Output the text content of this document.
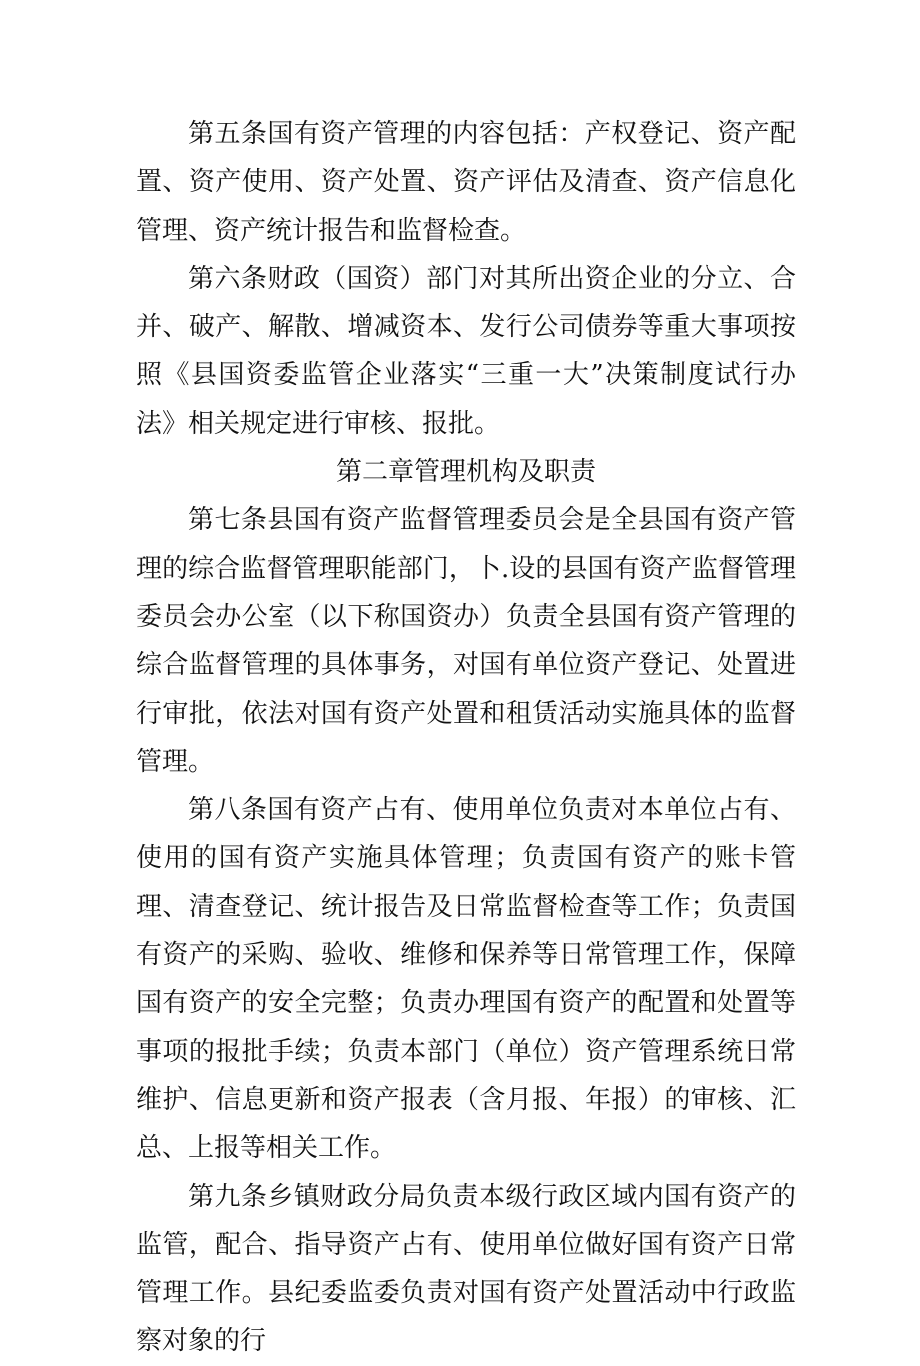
第五条国有资产管理的内容包括：产权登记、资产配置、资产使用、资产处置、资产评估及清查、资产信息化管理、资产统计报告和监督检查。

第六条财政（国资）部门对其所出资企业的分立、合并、破产、解散、增减资本、发行公司债券等重大事项按照《县国资委监管企业落实“三重一大”决策制度试行办法》相关规定进行审核、报批。

第二章管理机构及职责

第七条县国有资产监督管理委员会是全县国有资产管理的综合监督管理职能部门，卜.设的县国有资产监督管理委员会办公室（以下称国资办）负责全县国有资产管理的综合监督管理的具体事务，对国有单位资产登记、处置进行审批，依法对国有资产处置和租赁活动实施具体的监督管理。

第八条国有资产占有、使用单位负责对本单位占有、使用的国有资产实施具体管理；负责国有资产的账卡管理、清查登记、统计报告及日常监督检查等工作；负责国有资产的采购、验收、维修和保养等日常管理工作，保障国有资产的安全完整；负责办理国有资产的配置和处置等事项的报批手续；负责本部门（单位）资产管理系统日常维护、信息更新和资产报表（含月报、年报）的审核、汇总、上报等相关工作。

第九条乡镇财政分局负责本级行政区域内国有资产的监管，配合、指导资产占有、使用单位做好国有资产日常管理工作。县纪委监委负责对国有资产处置活动中行政监察对象的行
